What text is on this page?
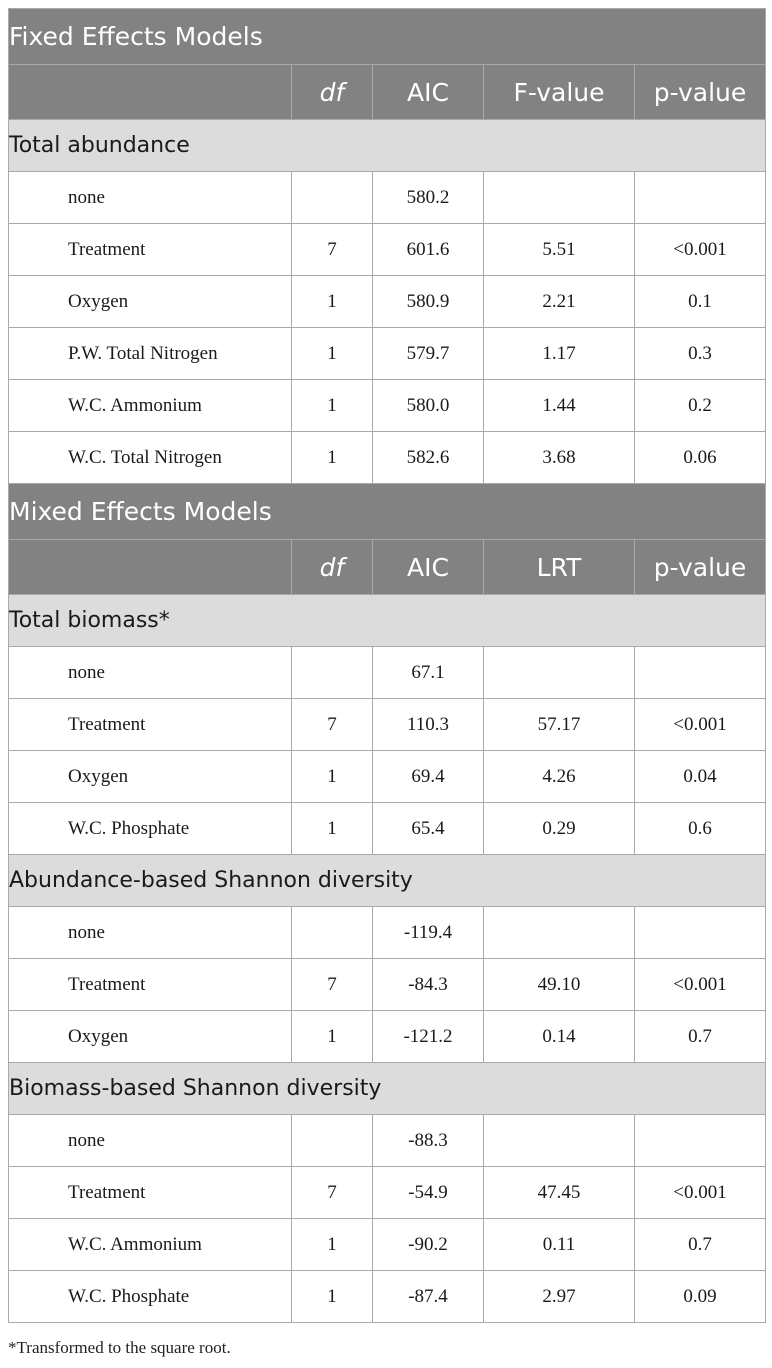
Fixed Effects Models				
	df	AIC	F-value	p-value
Total abundance				
none		580.2		
Treatment	7	601.6	5.51	<0.001
Oxygen	1	580.9	2.21	0.1
P.W. Total Nitrogen	1	579.7	1.17	0.3
W.C. Ammonium	1	580.0	1.44	0.2
W.C. Total Nitrogen	1	582.6	3.68	0.06
Mixed Effects Models				
	df	AIC	LRT	p-value
Total biomass*				
none		67.1		
Treatment	7	110.3	57.17	<0.001
Oxygen	1	69.4	4.26	0.04
W.C. Phosphate	1	65.4	0.29	0.6
Abundance-based Shannon diversity				
none		-119.4		
Treatment	7	-84.3	49.10	<0.001
Oxygen	1	-121.2	0.14	0.7
Biomass-based Shannon diversity				
none		-88.3		
Treatment	7	-54.9	47.45	<0.001
W.C. Ammonium	1	-90.2	0.11	0.7
W.C. Phosphate	1	-87.4	2.97	0.09
*Transformed to the square root.
